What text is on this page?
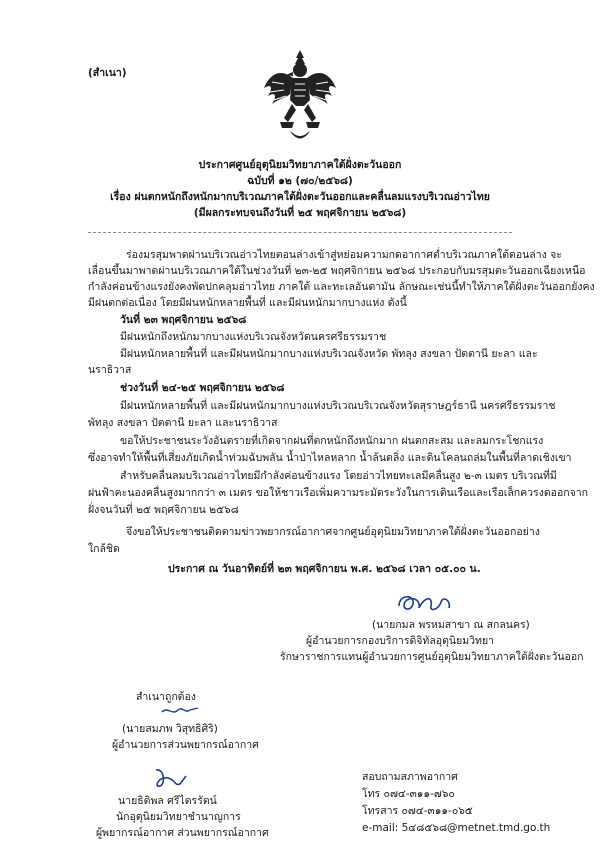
(สำเนา)
ประกาศศูนย์อุตุนิยมวิทยาภาคใต้ฝั่งตะวันออก
ฉบับที่ ๑๒ (๗๐/๒๕๖๘)
เรื่อง ฝนตกหนักถึงหนักมากบริเวณภาคใต้ฝั่งตะวันออกและคลื่นลมแรงบริเวณอ่าวไทย
(มีผลกระทบจนถึงวันที่ ๒๕ พฤศจิกายน ๒๕๖๘)
ร่องมรสุมพาดผ่านบริเวณอ่าวไทยตอนล่างเข้าสู่หย่อมความกดอากาศต่ำบริเวณภาคใต้ตอนล่าง จะ
เลื่อนขึ้นมาพาดผ่านบริเวณภาคใต้ในช่วงวันที่ ๒๓-๒๕ พฤศจิกายน ๒๕๖๘ ประกอบกับมรสุมตะวันออกเฉียงเหนือ
กำลังค่อนข้างแรงยังคงพัดปกคลุมอ่าวไทย ภาคใต้ และทะเลอันดามัน ลักษณะเช่นนี้ทำให้ภาคใต้ฝั่งตะวันออกยังคง
มีฝนตกต่อเนื่อง โดยมีฝนหนักหลายพื้นที่ และมีฝนหนักมากบางแห่ง ดังนี้
วันที่ ๒๓ พฤศจิกายน ๒๕๖๘
มีฝนหนักถึงหนักมากบางแห่งบริเวณจังหวัดนครศรีธรรมราช
มีฝนหนักหลายพื้นที่ และมีฝนหนักมากบางแห่งบริเวณจังหวัด พัทลุง สงขลา ปัตตานี ยะลา และ
นราธิวาส
ช่วงวันที่ ๒๔-๒๕ พฤศจิกายน ๒๕๖๘
มีฝนหนักหลายพื้นที่ และมีฝนหนักมากบางแห่งบริเวณบริเวณจังหวัดสุราษฎร์ธานี นครศรีธรรมราช
พัทลุง สงขลา ปัตตานี ยะลา และนราธิวาส
ขอให้ประชาชนระวังอันตรายที่เกิดจากฝนที่ตกหนักถึงหนักมาก ฝนตกสะสม และลมกระโชกแรง
ซึ่งอาจทำให้พื้นที่เสี่ยงภัยเกิดน้ำท่วมฉับพลัน น้ำป่าไหลหลาก น้ำล้นตลิ่ง และดินโคลนถล่มในพื้นที่ลาดเชิงเขา
สำหรับคลื่นลมบริเวณอ่าวไทยมีกำลังค่อนข้างแรง โดยอ่าวไทยทะเลมีคลื่นสูง ๒-๓ เมตร บริเวณที่มี
ฝนฟ้าคะนองคลื่นสูงมากกว่า ๓ เมตร ขอให้ชาวเรือเพิ่มความระมัดระวังในการเดินเรือและเรือเล็กควรงดออกจาก
ฝั่งจนวันที่ ๒๕ พฤศจิกายน ๒๕๖๘
จึงขอให้ประชาชนติดตามข่าวพยากรณ์อากาศจากศูนย์อุตุนิยมวิทยาภาคใต้ฝั่งตะวันออกอย่าง
ใกล้ชิด
ประกาศ ณ วันอาทิตย์ที่ ๒๓ พฤศจิกายน พ.ศ. ๒๕๖๘ เวลา ๐๕.๐๐ น.
(นายกมล พรหมสาขา ณ สกลนคร)
ผู้อำนวยการกองบริการดิจิทัลอุตุนิยมวิทยา
รักษาราชการแทนผู้อำนวยการศูนย์อุตุนิยมวิทยาภาคใต้ฝั่งตะวันออก
สำเนาถูกต้อง
(นายสมภพ วิสุทธิศิริ)
ผู้อำนวยการส่วนพยากรณ์อากาศ
นายธิติพล ศรีไตรรัตน์
นักอุตุนิยมวิทยาชำนาญการ
ผู้พยากรณ์อากาศ ส่วนพยากรณ์อากาศ
สอบถามสภาพอากาศ
โทร ๐๗๔-๓๑๑-๗๖๐
โทรสาร ๐๗๔-๓๑๑-๐๖๕
e-mail: 5๔๘๕๖๘@metnet.tmd.go.th
